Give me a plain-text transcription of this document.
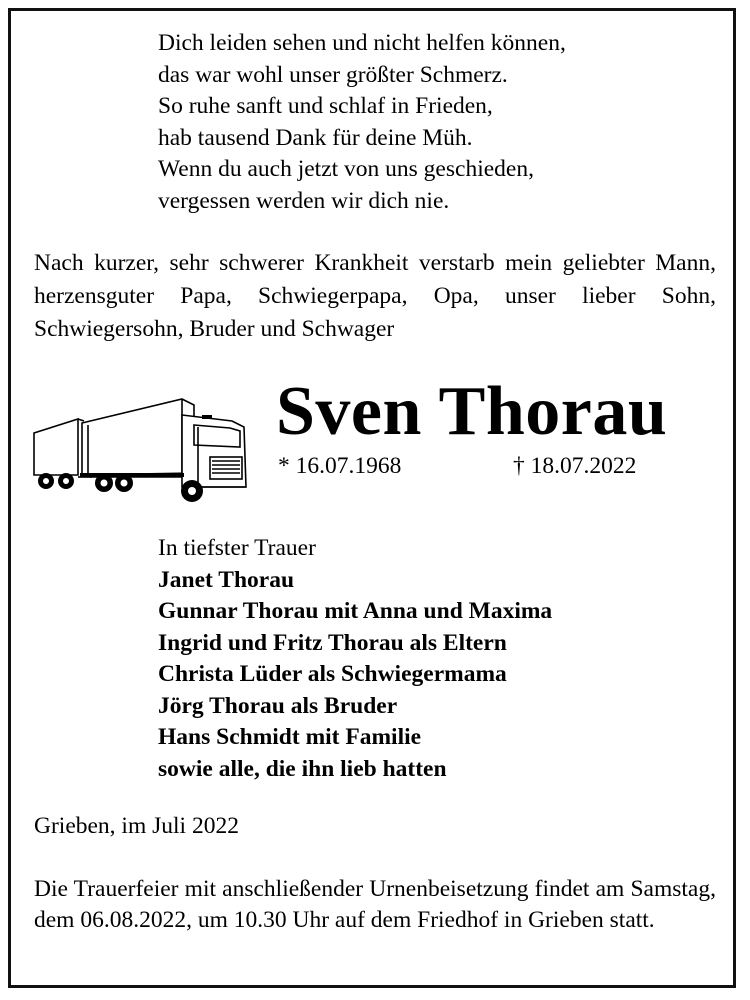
Dich leiden sehen und nicht helfen können,
das war wohl unser größter Schmerz.
So ruhe sanft und schlaf in Frieden,
hab tausend Dank für deine Müh.
Wenn du auch jetzt von uns geschieden,
vergessen werden wir dich nie.
Nach kurzer, sehr schwerer Krankheit verstarb mein geliebter Mann, herzensguter Papa, Schwiegerpapa, Opa, unser lieber Sohn, Schwiegersohn, Bruder und Schwager
Sven Thorau
* 16.07.1968	† 18.07.2022
In tiefster Trauer
Janet Thorau
Gunnar Thorau mit Anna und Maxima
Ingrid und Fritz Thorau als Eltern
Christa Lüder als Schwiegermama
Jörg Thorau als Bruder
Hans Schmidt mit Familie
sowie alle, die ihn lieb hatten
Grieben, im Juli 2022
Die Trauerfeier mit anschließender Urnenbeisetzung findet am Samstag, dem 06.08.2022, um 10.30 Uhr auf dem Friedhof in Grieben statt.
